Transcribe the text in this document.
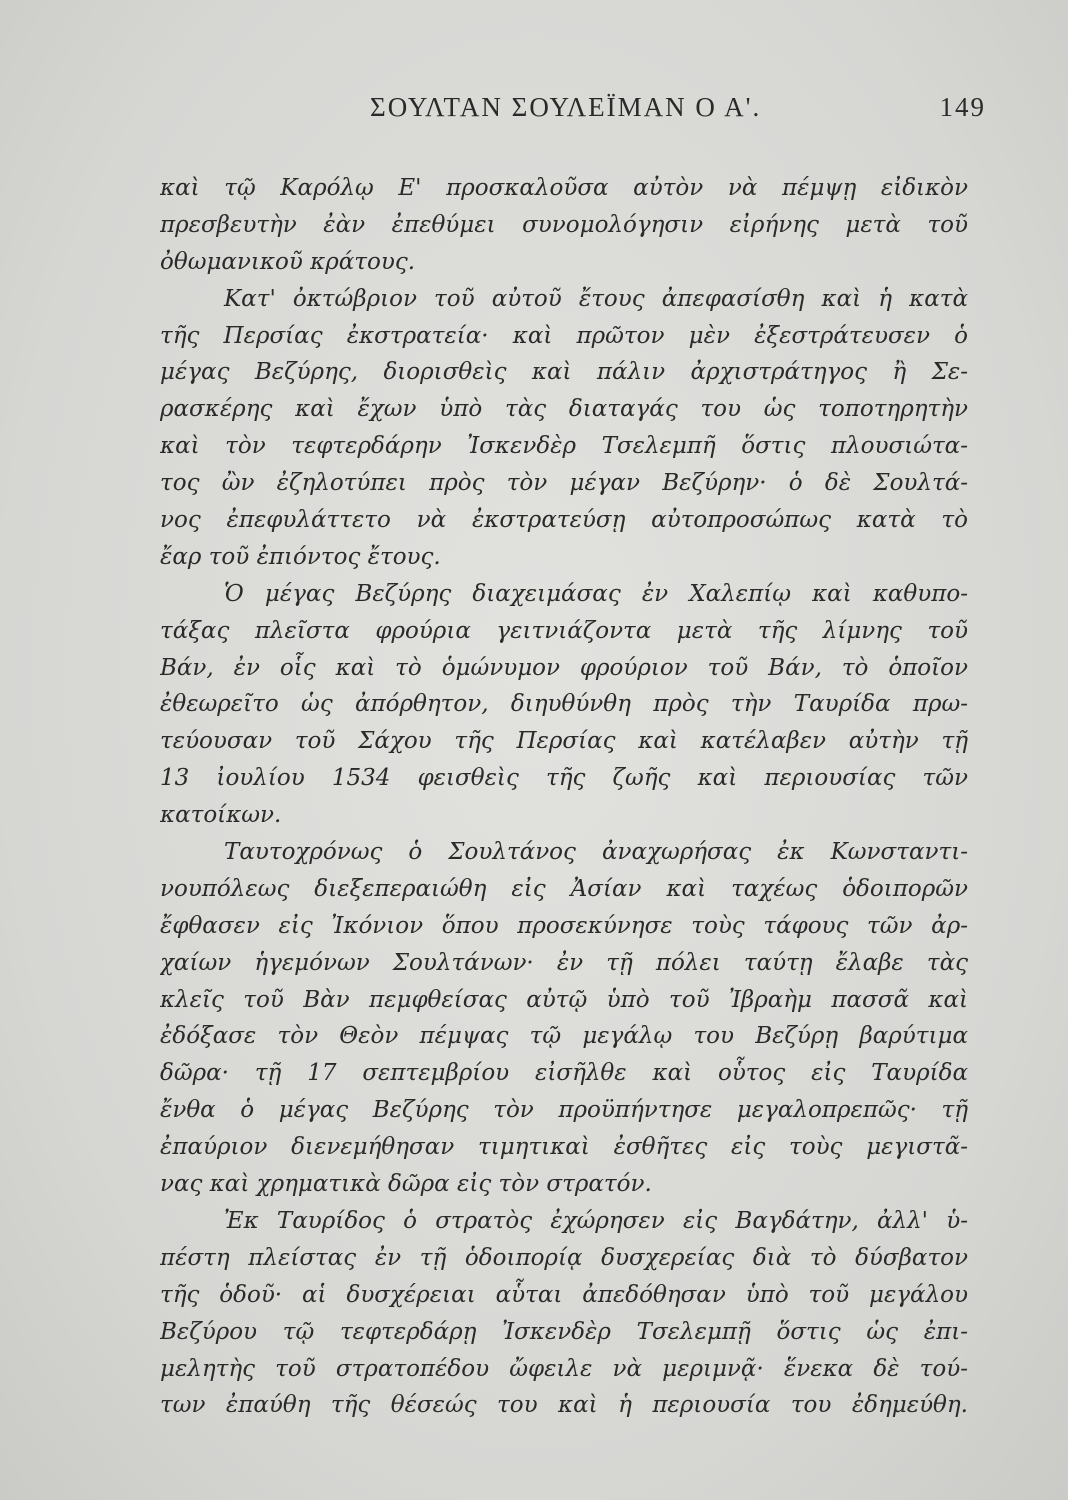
ΣΟΥΛΤΑΝ ΣΟΥΛΕΪΜΑΝ Ο Α'.	149
καὶ τῷ Καρόλῳ Ε' προσκαλοῦσα αὐτὸν νὰ πέμψῃ εἰδικὸν
πρεσβευτὴν ἐὰν ἐπεθύμει συνομολόγησιν εἰρήνης μετὰ τοῦ
ὀθωμανικοῦ κράτους.
Κατ' ὀκτώβριον τοῦ αὐτοῦ ἔτους ἀπεφασίσθη καὶ ἡ κατὰ
τῆς Περσίας ἐκστρατεία· καὶ πρῶτον μὲν ἐξεστράτευσεν ὁ
μέγας Βεζύρης, διορισθεὶς καὶ πάλιν ἀρχιστράτηγος ἢ Σε-
ρασκέρης καὶ ἔχων ὑπὸ τὰς διαταγάς του ὡς τοποτηρητὴν
καὶ τὸν τεφτερδάρην Ἰσκενδὲρ Τσελεμπῆ ὅστις πλουσιώτα-
τος ὢν ἐζηλοτύπει πρὸς τὸν μέγαν Βεζύρην· ὁ δὲ Σουλτά-
νος ἐπεφυλάττετο νὰ ἐκστρατεύσῃ αὐτοπροσώπως κατὰ τὸ
ἔαρ τοῦ ἐπιόντος ἔτους.
Ὁ μέγας Βεζύρης διαχειμάσας ἐν Χαλεπίῳ καὶ καθυπο-
τάξας πλεῖστα φρούρια γειτνιάζοντα μετὰ τῆς λίμνης τοῦ
Βάν, ἐν οἷς καὶ τὸ ὁμώνυμον φρούριον τοῦ Βάν, τὸ ὁποῖον
ἐθεωρεῖτο ὡς ἀπόρθητον, διηυθύνθη πρὸς τὴν Ταυρίδα πρω-
τεύουσαν τοῦ Σάχου τῆς Περσίας καὶ κατέλαβεν αὐτὴν τῇ
13 ἰουλίου 1534 φεισθεὶς τῆς ζωῆς καὶ περιουσίας τῶν
κατοίκων.
Ταυτοχρόνως ὁ Σουλτάνος ἀναχωρήσας ἐκ Κωνσταντι-
νουπόλεως διεξεπεραιώθη εἰς Ἀσίαν καὶ ταχέως ὁδοιπορῶν
ἔφθασεν εἰς Ἰκόνιον ὅπου προσεκύνησε τοὺς τάφους τῶν ἀρ-
χαίων ἡγεμόνων Σουλτάνων· ἐν τῇ πόλει ταύτῃ ἔλαβε τὰς
κλεῖς τοῦ Βὰν πεμφθείσας αὐτῷ ὑπὸ τοῦ Ἰβραὴμ πασσᾶ καὶ
ἐδόξασε τὸν Θεὸν πέμψας τῷ μεγάλῳ του Βεζύρῃ βαρύτιμα
δῶρα· τῇ 17 σεπτεμβρίου εἰσῆλθε καὶ οὗτος εἰς Ταυρίδα
ἔνθα ὁ μέγας Βεζύρης τὸν προϋπήντησε μεγαλοπρεπῶς· τῇ
ἐπαύριον διενεμήθησαν τιμητικαὶ ἐσθῆτες εἰς τοὺς μεγιστᾶ-
νας καὶ χρηματικὰ δῶρα εἰς τὸν στρατόν.
Ἐκ Ταυρίδος ὁ στρατὸς ἐχώρησεν εἰς Βαγδάτην, ἀλλ' ὑ-
πέστη πλείστας ἐν τῇ ὁδοιπορίᾳ δυσχερείας διὰ τὸ δύσβατον
τῆς ὁδοῦ· αἱ δυσχέρειαι αὗται ἀπεδόθησαν ὑπὸ τοῦ μεγάλου
Βεζύρου τῷ τεφτερδάρῃ Ἰσκενδὲρ Τσελεμπῇ ὅστις ὡς ἐπι-
μελητὴς τοῦ στρατοπέδου ὤφειλε νὰ μεριμνᾷ· ἕνεκα δὲ τού-
των ἐπαύθη τῆς θέσεώς του καὶ ἡ περιουσία του ἐδημεύθη.
